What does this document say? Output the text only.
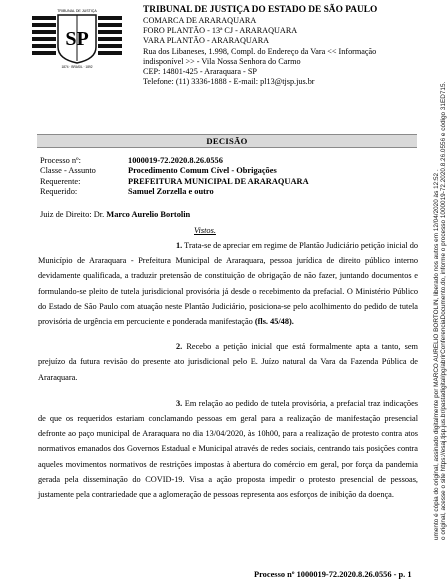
TRIBUNAL DE JUSTIÇA
SP
1874 · BRASIL · 1892
TRIBUNAL DE JUSTIÇA DO ESTADO DE SÃO PAULO
COMARCA DE ARARAQUARA
FORO PLANTÃO - 13ª CJ - ARARAQUARA
VARA PLANTÃO - ARARAQUARA
Rua dos Libaneses, 1.998, Compl. do Endereço da Vara << Informação
indisponível >> - Vila Nossa Senhora do Carmo
CEP: 14801-425 - Araraquara - SP
Telefone: (11) 3336-1888 - E-mail: pl13@tjsp.jus.br
DECISÃO
Processo nº:	1000019-72.2020.8.26.0556
Classe - Assunto	Procedimento Comum Cível - Obrigações
Requerente:	PREFEITURA MUNICIPAL DE ARARAQUARA
Requerido:	Samuel Zorzella e outro
Juiz de Direito: Dr. Marco Aurelio Bortolin
Vistos.

1. Trata-se de apreciar em regime de Plantão Judiciário petição inicial do Município de Araraquara - Prefeitura Municipal de Araraquara, pessoa jurídica de direito público interno devidamente qualificada, a traduzir pretensão de constituição de obrigação de não fazer, juntando documentos e formulando-se pleito de tutela jurisdicional provisória já desde o recebimento da prefacial. O Ministério Público do Estado de São Paulo com atuação neste Plantão Judiciário, posiciona-se pelo acolhimento do pedido de tutela provisória de urgência em percuciente e ponderada manifestação (fls. 45/48).

2. Recebo a petição inicial que está formalmente apta a tanto, sem prejuízo da futura revisão do presente ato jurisdicional pelo E. Juízo natural da Vara da Fazenda Pública de Araraquara.

3. Em relação ao pedido de tutela provisória, a prefacial traz indicações de que os requeridos estariam conclamando pessoas em geral para a realização de manifestação presencial defronte ao paço municipal de Araraquara no dia 13/04/2020, às 10h00, para a realização de protesto contra atos normativos emanados dos Governos Estadual e Municipal através de redes sociais, centrando tais posições contra aqueles movimentos normativos de restrições impostas à abertura do comércio em geral, por força da pandemia gerada pela disseminação do COVID-19. Visa a ação proposta impedir o protesto presencial de pessoas, justamente pela contrariedade que a aglomeração de pessoas representa aos esforços de inibição da doença.	umento é cópia do original, assinado digitalmente por MARCO AURELIO BORTOLIN, liberado nos autos em 12/04/2020 às 12:52 . o original, acesse o site https://esaj.tjsp.jus.br/pastadigital/pg/abrirConferenciaDocumento.do, informe o processo 1000019-72.2020.8.26.0556 e código 31ED715.
Processo nº 1000019-72.2020.8.26.0556 - p. 1
